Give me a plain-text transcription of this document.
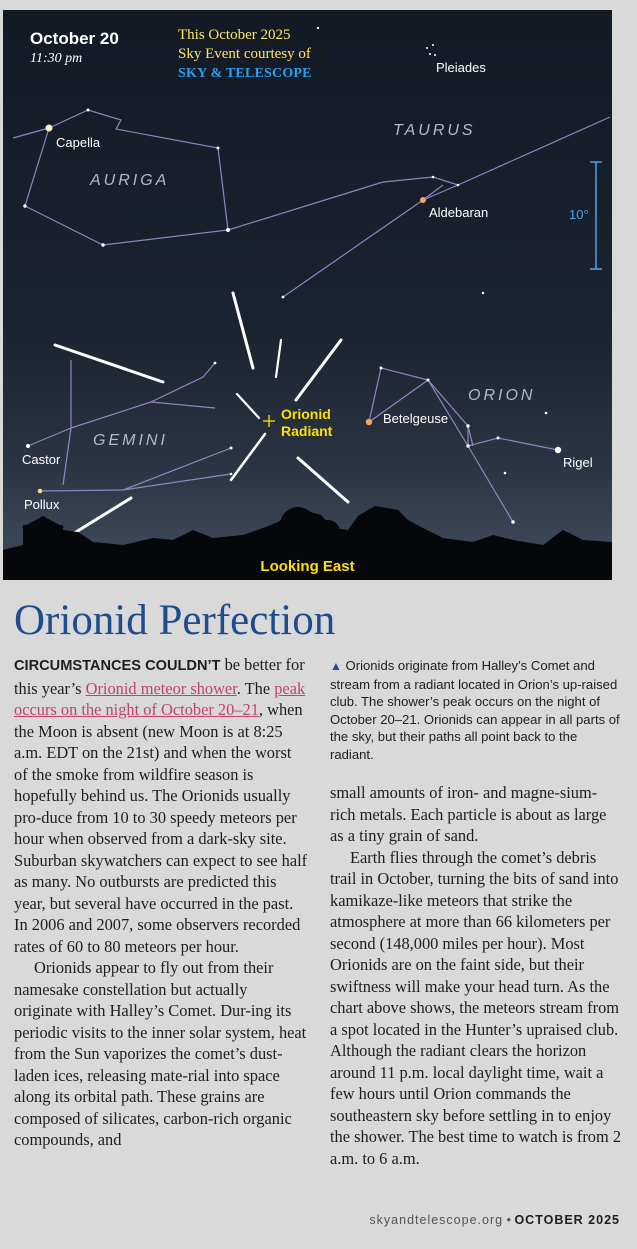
October 20
11:30 pm
This October 2025
Sky Event courtesy of
SKY & TELESCOPE
Capella
Pleiades
Aldebaran
Betelgeuse
Rigel
Castor
Pollux
AURIGA
TAURUS
GEMINI
ORION
Orionid
Radiant
10°
Looking East
Orionid Perfection

CIRCUMSTANCES COULDN’T be better for this year’s Orionid meteor shower. The peak occurs on the night of October 20–21, when the Moon is absent (new Moon is at 8:25 a.m. EDT on the 21st) and when the worst of the smoke from wildfire season is hopefully behind us. The Orionids usually pro-duce from 10 to 30 speedy meteors per hour when observed from a dark-sky site. Suburban skywatchers can expect to see half as many. No outbursts are predicted this year, but several have occurred in the past. In 2006 and 2007, some observers recorded rates of 60 to 80 meteors per hour.

Orionids appear to fly out from their namesake constellation but actually originate with Halley’s Comet. Dur-ing its periodic visits to the inner solar system, heat from the Sun vaporizes the comet’s dust-laden ices, releasing mate-rial into space along its orbital path. These grains are composed of silicates, carbon-rich organic compounds, and

▲ Orionids originate from Halley’s Comet and stream from a radiant located in Orion’s up-raised club. The shower’s peak occurs on the night of October 20–21. Orionids can appear in all parts of the sky, but their paths all point back to the radiant.

small amounts of iron- and magne-sium-rich metals. Each particle is about as large as a tiny grain of sand.

Earth flies through the comet’s debris trail in October, turning the bits of sand into kamikaze-like meteors that strike the atmosphere at more than 66 kilometers per second (148,000 miles per hour). Most Orionids are on the faint side, but their swiftness will make your head turn. As the chart above shows, the meteors stream from a spot located in the Hunter’s upraised club. Although the radiant clears the horizon around 11 p.m. local daylight time, wait a few hours until Orion commands the southeastern sky before settling in to enjoy the shower. The best time to watch is from 2 a.m. to 6 a.m.

skyandtelescope.org • OCTOBER 2025
